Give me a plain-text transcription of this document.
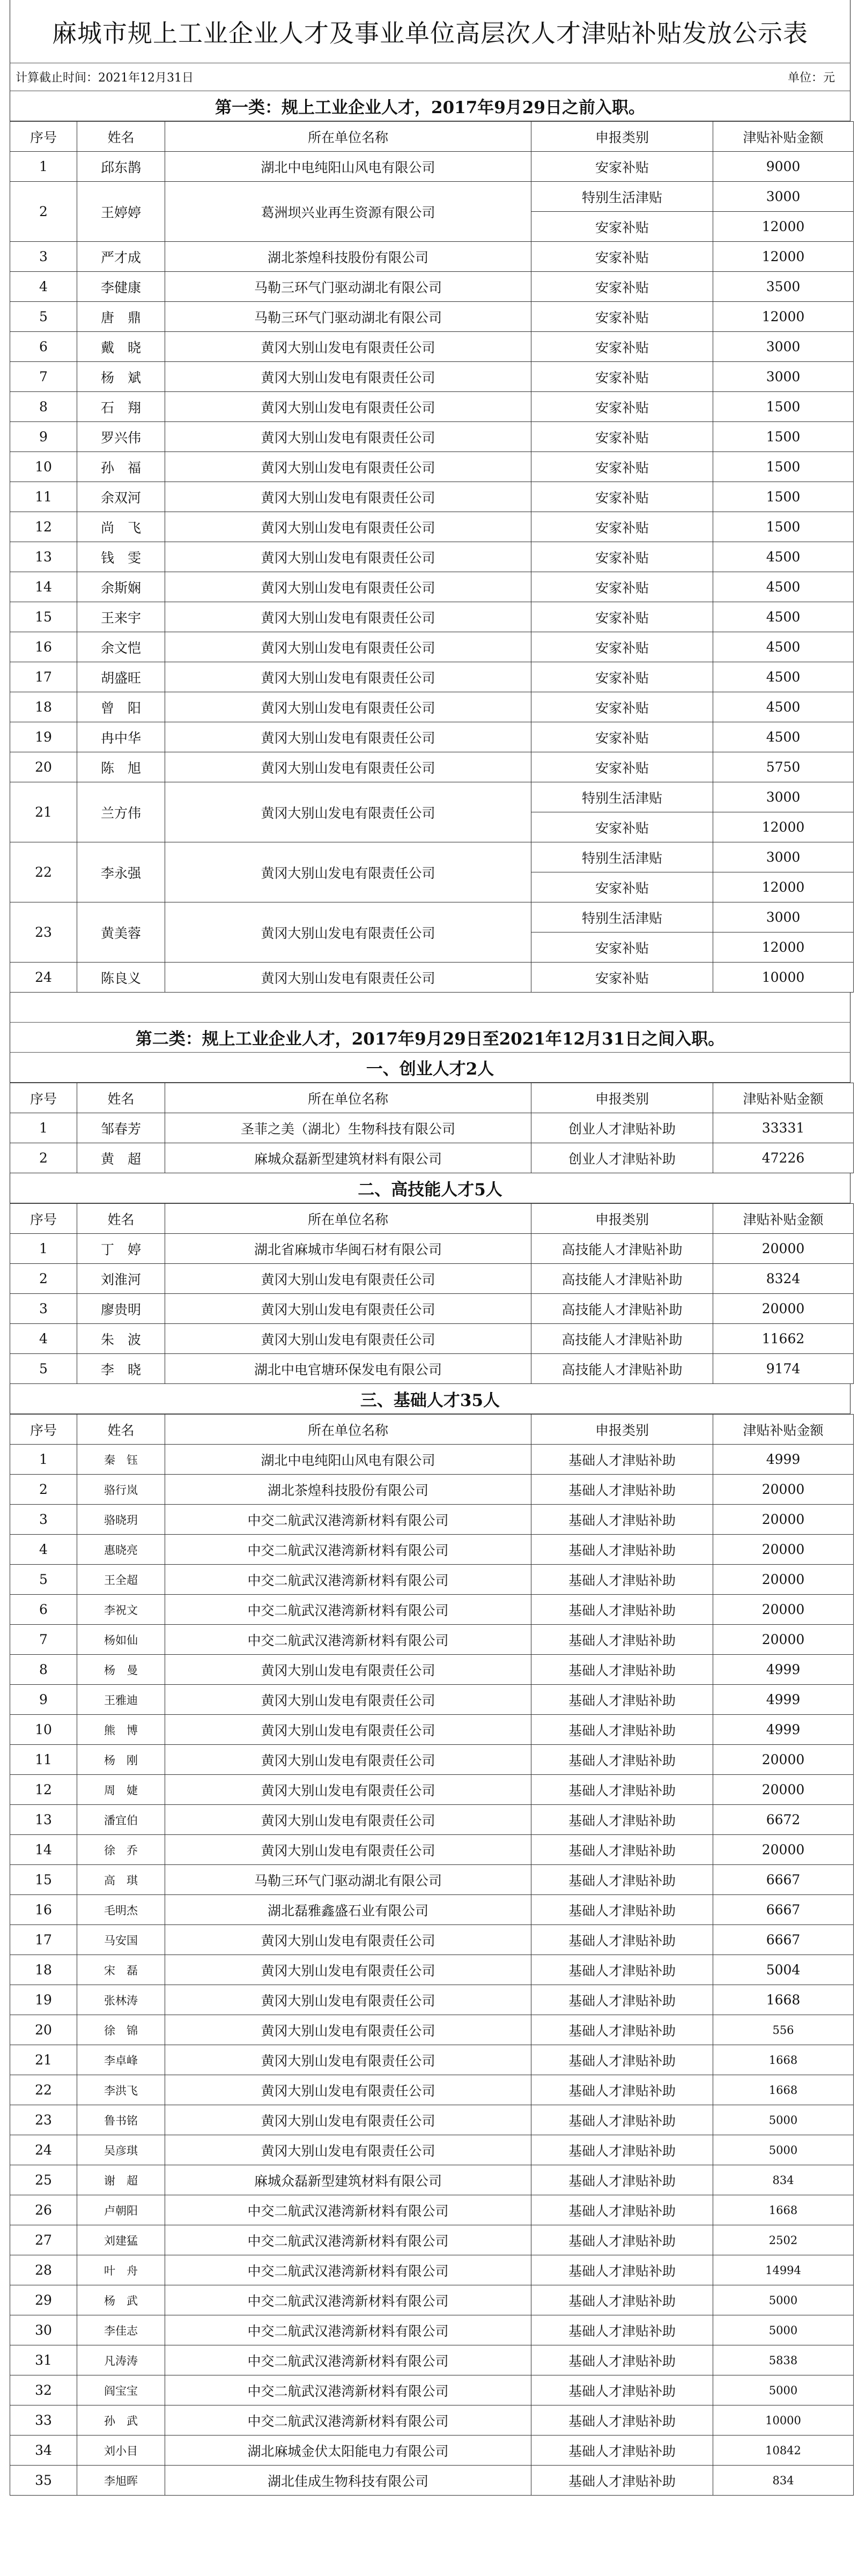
麻城市规上工业企业人才及事业单位高层次人才津贴补贴发放公示表
计算截止时间：2021年12月31日	单位：元
第一类：规上工业企业人才，2017年9月29日之前入职。
序号	姓名	所在单位名称	申报类别	津贴补贴金额
1	邱东鹊	湖北中电纯阳山风电有限公司	安家补贴	9000
2	王婷婷	葛洲坝兴业再生资源有限公司	特别生活津贴	3000
			安家补贴	12000
3	严才成	湖北茶煌科技股份有限公司	安家补贴	12000
4	李健康	马勒三环气门驱动湖北有限公司	安家补贴	3500
5	唐　鼎	马勒三环气门驱动湖北有限公司	安家补贴	12000
6	戴　晓	黄冈大别山发电有限责任公司	安家补贴	3000
7	杨　斌	黄冈大别山发电有限责任公司	安家补贴	3000
8	石　翔	黄冈大别山发电有限责任公司	安家补贴	1500
9	罗兴伟	黄冈大别山发电有限责任公司	安家补贴	1500
10	孙　福	黄冈大别山发电有限责任公司	安家补贴	1500
11	余双河	黄冈大别山发电有限责任公司	安家补贴	1500
12	尚　飞	黄冈大别山发电有限责任公司	安家补贴	1500
13	钱　雯	黄冈大别山发电有限责任公司	安家补贴	4500
14	余斯娴	黄冈大别山发电有限责任公司	安家补贴	4500
15	王来宇	黄冈大别山发电有限责任公司	安家补贴	4500
16	余文恺	黄冈大别山发电有限责任公司	安家补贴	4500
17	胡盛旺	黄冈大别山发电有限责任公司	安家补贴	4500
18	曾　阳	黄冈大别山发电有限责任公司	安家补贴	4500
19	冉中华	黄冈大别山发电有限责任公司	安家补贴	4500
20	陈　旭	黄冈大别山发电有限责任公司	安家补贴	5750
21	兰方伟	黄冈大别山发电有限责任公司	特别生活津贴	3000
			安家补贴	12000
22	李永强	黄冈大别山发电有限责任公司	特别生活津贴	3000
			安家补贴	12000
23	黄美蓉	黄冈大别山发电有限责任公司	特别生活津贴	3000
			安家补贴	12000
24	陈良义	黄冈大别山发电有限责任公司	安家补贴	10000
第二类：规上工业企业人才，2017年9月29日至2021年12月31日之间入职。
一、创业人才2人
序号	姓名	所在单位名称	申报类别	津贴补贴金额
1	邹春芳	圣菲之美（湖北）生物科技有限公司	创业人才津贴补助	33331
2	黄　超	麻城众磊新型建筑材料有限公司	创业人才津贴补助	47226
二、高技能人才5人
序号	姓名	所在单位名称	申报类别	津贴补贴金额
1	丁　婷	湖北省麻城市华闽石材有限公司	高技能人才津贴补助	20000
2	刘淮河	黄冈大别山发电有限责任公司	高技能人才津贴补助	8324
3	廖贵明	黄冈大别山发电有限责任公司	高技能人才津贴补助	20000
4	朱　波	黄冈大别山发电有限责任公司	高技能人才津贴补助	11662
5	李　晓	湖北中电官塘环保发电有限公司	高技能人才津贴补助	9174
三、基础人才35人
序号	姓名	所在单位名称	申报类别	津贴补贴金额
1	秦　钰	湖北中电纯阳山风电有限公司	基础人才津贴补助	4999
2	骆行岚	湖北茶煌科技股份有限公司	基础人才津贴补助	20000
3	骆晓玥	中交二航武汉港湾新材料有限公司	基础人才津贴补助	20000
4	惠晓亮	中交二航武汉港湾新材料有限公司	基础人才津贴补助	20000
5	王全超	中交二航武汉港湾新材料有限公司	基础人才津贴补助	20000
6	李祝文	中交二航武汉港湾新材料有限公司	基础人才津贴补助	20000
7	杨如仙	中交二航武汉港湾新材料有限公司	基础人才津贴补助	20000
8	杨　曼	黄冈大别山发电有限责任公司	基础人才津贴补助	4999
9	王雅迪	黄冈大别山发电有限责任公司	基础人才津贴补助	4999
10	熊　博	黄冈大别山发电有限责任公司	基础人才津贴补助	4999
11	杨　刚	黄冈大别山发电有限责任公司	基础人才津贴补助	20000
12	周　婕	黄冈大别山发电有限责任公司	基础人才津贴补助	20000
13	潘宜伯	黄冈大别山发电有限责任公司	基础人才津贴补助	6672
14	徐　乔	黄冈大别山发电有限责任公司	基础人才津贴补助	20000
15	高　琪	马勒三环气门驱动湖北有限公司	基础人才津贴补助	6667
16	毛明杰	湖北磊雅鑫盛石业有限公司	基础人才津贴补助	6667
17	马安国	黄冈大别山发电有限责任公司	基础人才津贴补助	6667
18	宋　磊	黄冈大别山发电有限责任公司	基础人才津贴补助	5004
19	张林涛	黄冈大别山发电有限责任公司	基础人才津贴补助	1668
20	徐　锦	黄冈大别山发电有限责任公司	基础人才津贴补助	556
21	李卓峰	黄冈大别山发电有限责任公司	基础人才津贴补助	1668
22	李洪飞	黄冈大别山发电有限责任公司	基础人才津贴补助	1668
23	鲁书铭	黄冈大别山发电有限责任公司	基础人才津贴补助	5000
24	吴彦琪	黄冈大别山发电有限责任公司	基础人才津贴补助	5000
25	谢　超	麻城众磊新型建筑材料有限公司	基础人才津贴补助	834
26	卢朝阳	中交二航武汉港湾新材料有限公司	基础人才津贴补助	1668
27	刘建猛	中交二航武汉港湾新材料有限公司	基础人才津贴补助	2502
28	叶　舟	中交二航武汉港湾新材料有限公司	基础人才津贴补助	14994
29	杨　武	中交二航武汉港湾新材料有限公司	基础人才津贴补助	5000
30	李佳志	中交二航武汉港湾新材料有限公司	基础人才津贴补助	5000
31	凡涛涛	中交二航武汉港湾新材料有限公司	基础人才津贴补助	5838
32	阎宝宝	中交二航武汉港湾新材料有限公司	基础人才津贴补助	5000
33	孙　武	中交二航武汉港湾新材料有限公司	基础人才津贴补助	10000
34	刘小目	湖北麻城金伏太阳能电力有限公司	基础人才津贴补助	10842
35	李旭晖	湖北佳成生物科技有限公司	基础人才津贴补助	834
